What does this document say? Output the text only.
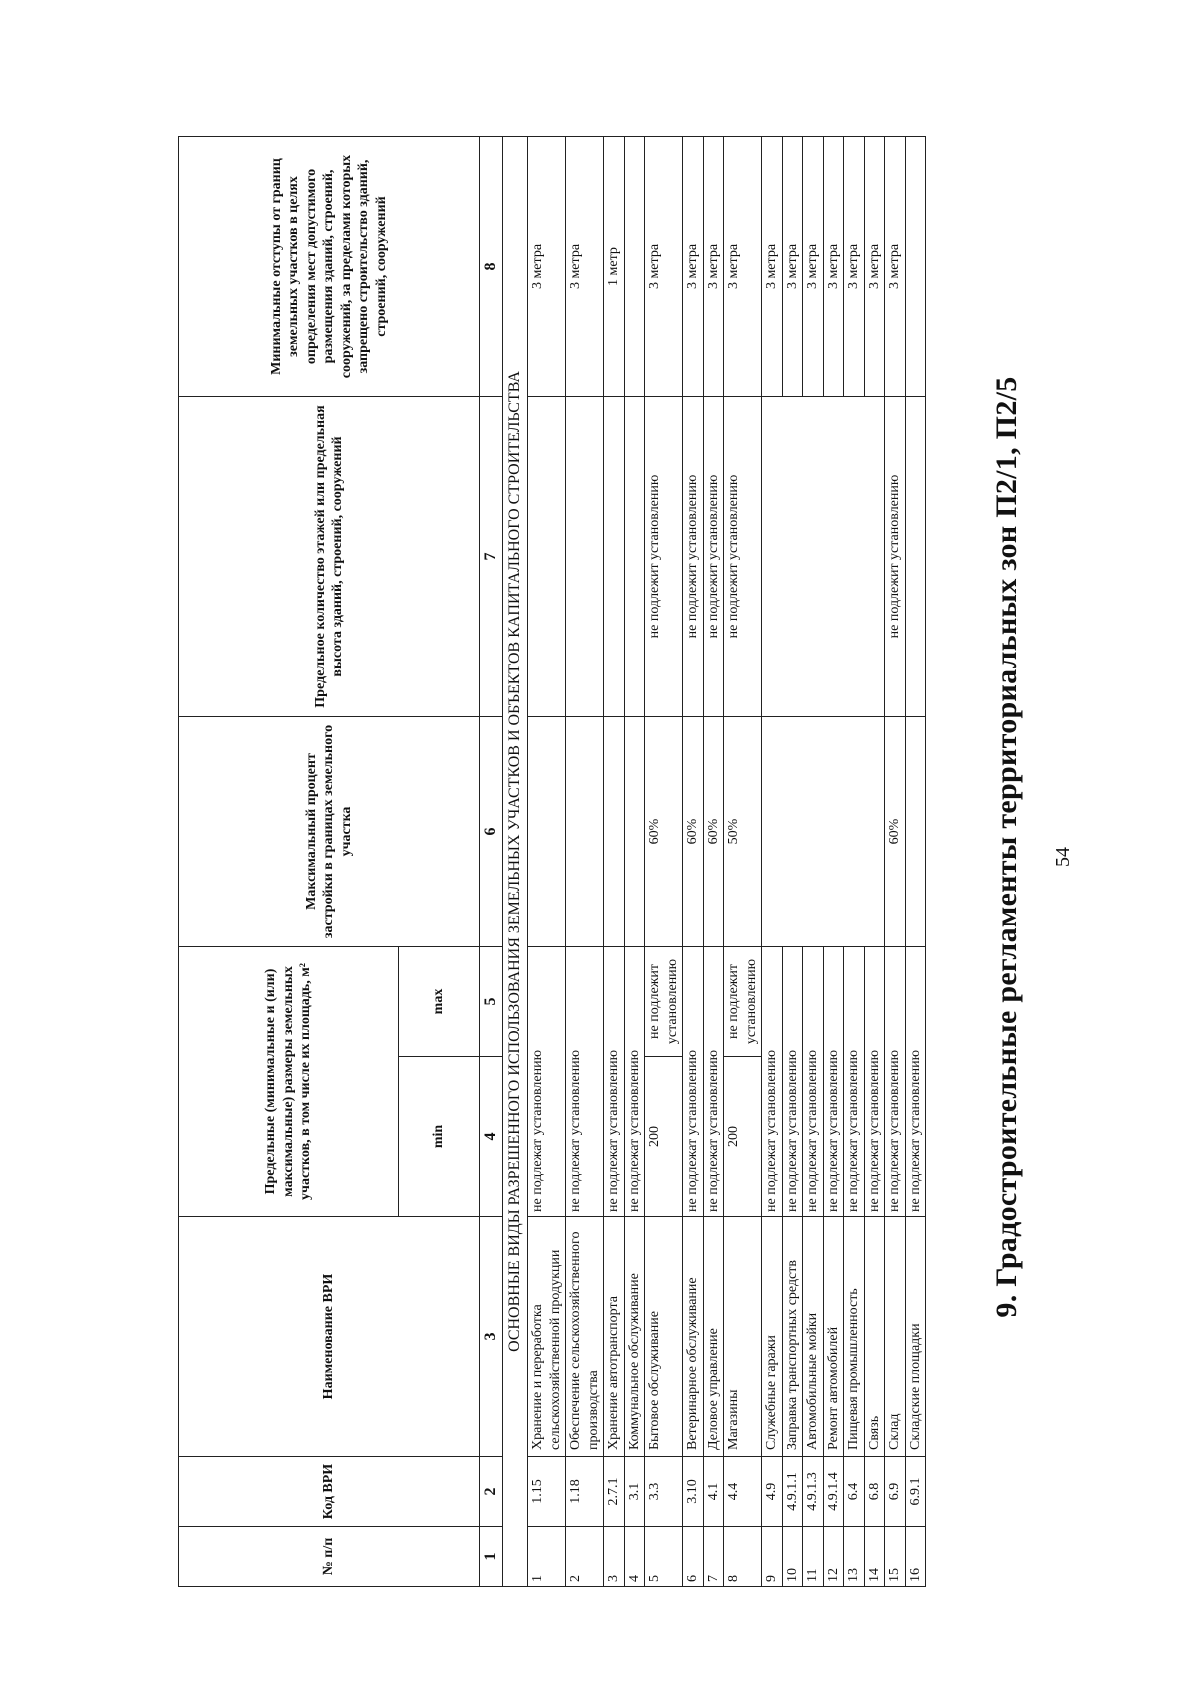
54
9. Градостроительные регламенты территориальных зон П2/1, П2/5
№ п/п	Код ВРИ	Наименование ВРИ	Предельные (минимальные и (или) максимальные) размеры земельных участков, в том числе их площадь, м²		Максимальный процент застройки в границах земельного участка	Предельное количество этажей или предельная высота зданий, строений, сооружений	Минимальные отступы от границ земельных участков в целях определения мест допустимого размещения зданий, строений, сооружений, за пределами которых запрещено строительство зданий, строений, сооружений
			min	max			
1	2	3	4	5	6	7	8
ОСНОВНЫЕ ВИДЫ РАЗРЕШЕННОГО ИСПОЛЬЗОВАНИЯ ЗЕМЕЛЬНЫХ УЧАСТКОВ И ОБЪЕКТОВ КАПИТАЛЬНОГО СТРОИТЕЛЬСТВА							
1	1.15	Хранение и переработка сельскохозяйственной продукции	не подлежат установлению				3 метра
2	1.18	Обеспечение сельскохозяйственного производства	не подлежат установлению				3 метра
3	2.7.1	Хранение автотранспорта	не подлежат установлению				1 метр
4	3.1	Коммунальное обслуживание	не подлежат установлению				
5	3.3	Бытовое обслуживание	200	не подлежит установлению	60%	не подлежит установлению	3 метра
6	3.10	Ветеринарное обслуживание	не подлежат установлению		60%	не подлежит установлению	3 метра
7	4.1	Деловое управление	не подлежат установлению		60%	не подлежит установлению	3 метра
8	4.4	Магазины	200	не подлежит установлению	50%	не подлежит установлению	3 метра
9	4.9	Служебные гаражи	не подлежат установлению				3 метра
10	4.9.1.1	Заправка транспортных средств	не подлежат установлению				3 метра
11	4.9.1.3	Автомобильные мойки	не подлежат установлению				3 метра
12	4.9.1.4	Ремонт автомобилей	не подлежат установлению				3 метра
13	6.4	Пищевая промышленность	не подлежат установлению				3 метра
14	6.8	Связь	не подлежат установлению				3 метра
15	6.9	Склад	не подлежат установлению		60%	не подлежит установлению	3 метра
16	6.9.1	Складские площадки	не подлежат установлению				
